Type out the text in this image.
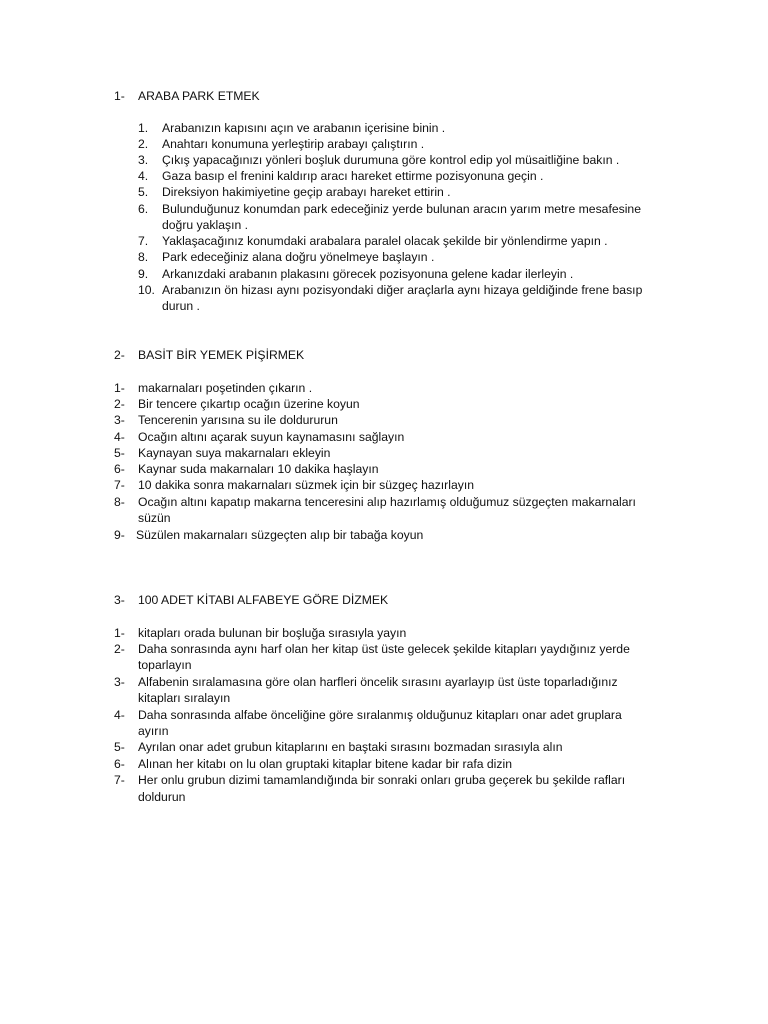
1- ARABA PARK ETMEK
1. Arabanızın kapısını açın ve arabanın içerisine binin .
2. Anahtarı konumuna yerleştirip arabayı çalıştırın .
3. Çıkış yapacağınızı yönleri boşluk durumuna göre kontrol edip yol müsaitliğine bakın .
4. Gaza basıp el frenini kaldırıp aracı hareket ettirme pozisyonuna geçin .
5. Direksiyon hakimiyetine geçip arabayı hareket ettirin .
6. Bulunduğunuz konumdan park edeceğiniz yerde bulunan aracın yarım metre mesafesine
doğru yaklaşın .
7. Yaklaşacağınız konumdaki arabalara paralel olacak şekilde bir yönlendirme yapın .
8. Park edeceğiniz alana doğru yönelmeye başlayın .
9. Arkanızdaki arabanın plakasını görecek pozisyonuna gelene kadar ilerleyin .
10. Arabanızın ön hizası aynı pozisyondaki diğer araçlarla aynı hizaya geldiğinde frene basıp
durun .
2- BASİT BİR YEMEK PİŞİRMEK
1- makarnaları poşetinden çıkarın .
2- Bir tencere çıkartıp ocağın üzerine koyun
3- Tencerenin yarısına su ile doldururun
4- Ocağın altını açarak suyun kaynamasını sağlayın
5- Kaynayan suya makarnaları ekleyin
6- Kaynar suda makarnaları 10 dakika haşlayın
7- 10 dakika sonra makarnaları süzmek için bir süzgeç hazırlayın
8- Ocağın altını kapatıp makarna tenceresini alıp hazırlamış olduğumuz süzgeçten makarnaları
süzün
9- Süzülen makarnaları süzgeçten alıp bir tabağa koyun
3- 100 ADET KİTABI ALFABEYE GÖRE DİZMEK
1- kitapları orada bulunan bir boşluğa sırasıyla yayın
2- Daha sonrasında aynı harf olan her kitap üst üste gelecek şekilde kitapları yaydığınız yerde
toparlayın
3- Alfabenin sıralamasına göre olan harfleri öncelik sırasını ayarlayıp üst üste toparladığınız
kitapları sıralayın
4- Daha sonrasında alfabe önceliğine göre sıralanmış olduğunuz kitapları onar adet gruplara
ayırın
5- Ayrılan onar adet grubun kitaplarını en baştaki sırasını bozmadan sırasıyla alın
6- Alınan her kitabı on lu olan gruptaki kitaplar bitene kadar bir rafa dizin
7- Her onlu grubun dizimi tamamlandığında bir sonraki onları gruba geçerek bu şekilde rafları
doldurun
